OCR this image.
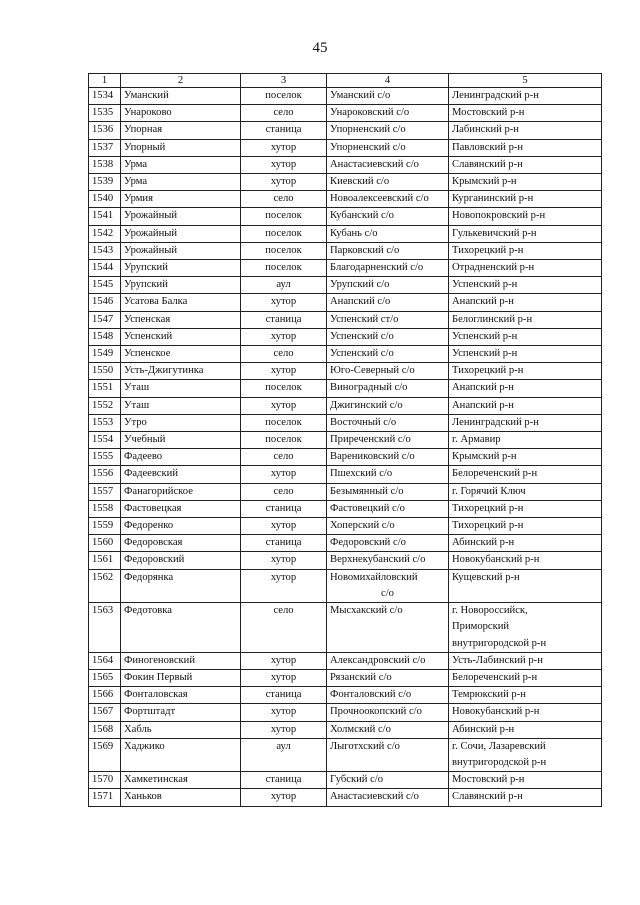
45
1	2	3	4	5
1534	Уманский	поселок	Уманский с/о	Ленинградский р-н

1535	Унароково	село	Унароковский с/о	Мостовский р-н

1536	Упорная	станица	Упорненский с/о	Лабинский р-н

1537	Упорный	хутор	Упорненский с/о	Павловский р-н

1538	Урма	хутор	Анастасиевский с/о	Славянский р-н

1539	Урма	хутор	Киевский с/о	Крымский р-н

1540	Урмия	село	Новоалексеевский с/о	Курганинский р-н

1541	Урожайный	поселок	Кубанский с/о	Новопокровский р-н

1542	Урожайный	поселок	Кубань с/о	Гулькевичский р-н

1543	Урожайный	поселок	Парковский с/о	Тихорецкий р-н

1544	Урупский	поселок	Благодарненский с/о	Отрадненский р-н

1545	Урупский	аул	Урупский с/о	Успенский р-н

1546	Усатова Балка	хутор	Анапский с/о	Анапский р-н

1547	Успенская	станица	Успенский ст/о	Белоглинский р-н

1548	Успенский	хутор	Успенский с/о	Успенский р-н

1549	Успенское	село	Успенский с/о	Успенский р-н

1550	Усть-Джигутинка	хутор	Юго-Северный с/о	Тихорецкий р-н

1551	Уташ	поселок	Виноградный с/о	Анапский р-н

1552	Уташ	хутор	Джигинский с/о	Анапский р-н

1553	Утро	поселок	Восточный с/о	Ленинградский р-н

1554	Учебный	поселок	Приреченский с/о	г. Армавир

1555	Фадеево	село	Варениковский с/о	Крымский р-н

1556	Фадеевский	хутор	Пшехский с/о	Белореченский р-н

1557	Фанагорийское	село	Безымянный с/о	г. Горячий Ключ

1558	Фастовецкая	станица	Фастовецкий с/о	Тихорецкий р-н

1559	Федоренко	хутор	Хоперский с/о	Тихорецкий р-н

1560	Федоровская	станица	Федоровский с/о	Абинский р-н

1561	Федоровский	хутор	Верхнекубанский с/о	Новокубанский р-н

1562	Федорянка	хутор	Новомихайловский
с/о	Кущевский р-н

1563	Федотовка	село	Мысхакский с/о	г. Новороссийск,
Приморский
внутригородской р-н

1564	Финогеновский	хутор	Александровский с/о	Усть-Лабинский р-н

1565	Фокин Первый	хутор	Рязанский с/о	Белореченский р-н

1566	Фонталовская	станица	Фонталовский с/о	Темрюкский р-н

1567	Фортштадт	хутор	Прочноокопский с/о	Новокубанский р-н

1568	Хабль	хутор	Холмский с/о	Абинский р-н

1569	Хаджико	аул	Лыготхский с/о	г. Сочи, Лазаревский
внутригородской р-н

1570	Хамкетинская	станица	Губский с/о	Мостовский р-н

1571	Ханьков	хутор	Анастасиевский с/о	Славянский р-н
